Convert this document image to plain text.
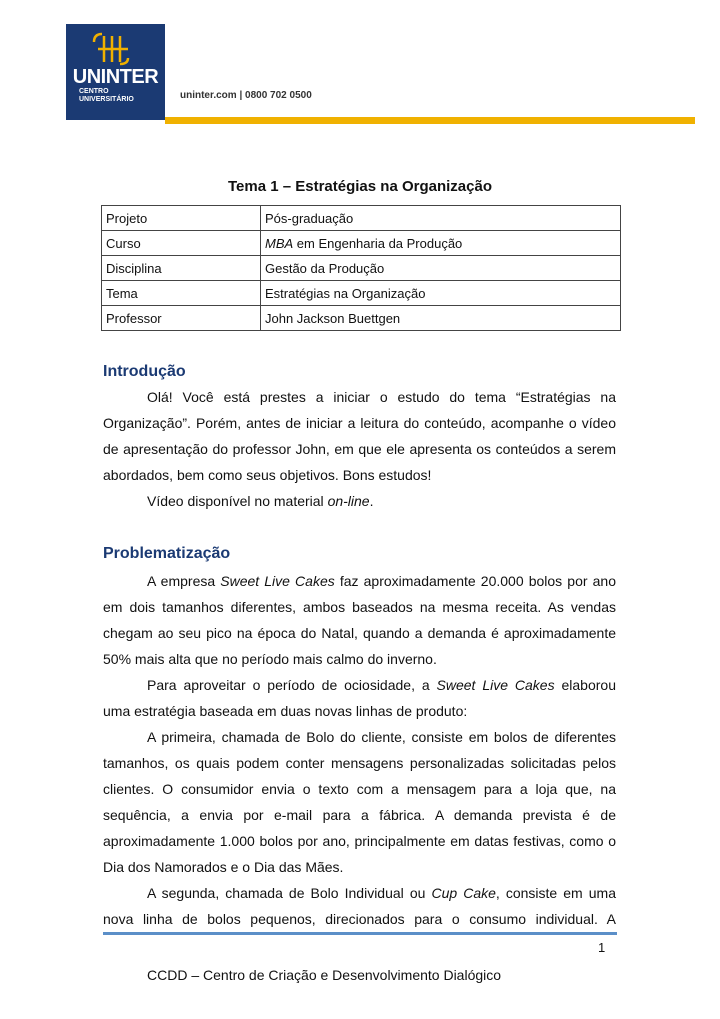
UNINTER
CENTRO
UNIVERSITÁRIO	uninter.com | 0800 702 0500
Tema 1 – Estratégias na Organização
Projeto	Pós-graduação
Curso	MBA em Engenharia da Produção
Disciplina	Gestão da Produção
Tema	Estratégias na Organização
Professor	John Jackson Buettgen
Introdução

Olá! Você está prestes a iniciar o estudo do tema “Estratégias na Organização”. Porém, antes de iniciar a leitura do conteúdo, acompanhe o vídeo de apresentação do professor John, em que ele apresenta os conteúdos a serem abordados, bem como seus objetivos. Bons estudos!

Vídeo disponível no material on-line.

Problematização

A empresa Sweet Live Cakes faz aproximadamente 20.000 bolos por ano em dois tamanhos diferentes, ambos baseados na mesma receita. As vendas chegam ao seu pico na época do Natal, quando a demanda é aproximadamente 50% mais alta que no período mais calmo do inverno.

Para aproveitar o período de ociosidade, a Sweet Live Cakes elaborou uma estratégia baseada em duas novas linhas de produto:

A primeira, chamada de Bolo do cliente, consiste em bolos de diferentes tamanhos, os quais podem conter mensagens personalizadas solicitadas pelos clientes. O consumidor envia o texto com a mensagem para a loja que, na sequência, a envia por e-mail para a fábrica. A demanda prevista é de aproximadamente 1.000 bolos por ano, principalmente em datas festivas, como o Dia dos Namorados e o Dia das Mães.

A segunda, chamada de Bolo Individual ou Cup Cake, consiste em uma nova linha de bolos pequenos, direcionados para o consumo individual. A

1
CCDD – Centro de Criação e Desenvolvimento Dialógico
